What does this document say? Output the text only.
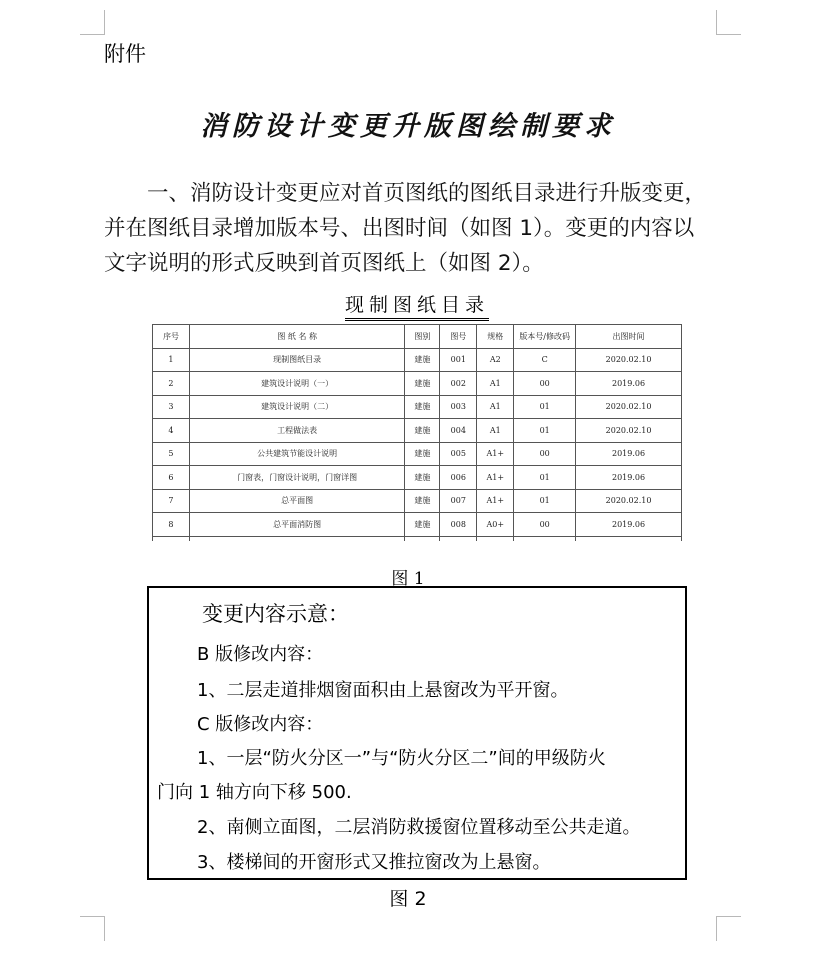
附件
消防设计变更升版图绘制要求
一、消防设计变更应对首页图纸的图纸目录进行升版变更，
并在图纸目录增加版本号、出图时间（如图 1）。变更的内容以
文字说明的形式反映到首页图纸上（如图 2）。
现制图纸目录
序号	图 纸 名 称	图别	图号	规格	版本号/修改码	出图时间
1	现制图纸目录	建施	001	A2	C	2020.02.10
2	建筑设计说明（一）	建施	002	A1	00	2019.06
3	建筑设计说明（二）	建施	003	A1	01	2020.02.10
4	工程做法表	建施	004	A1	01	2020.02.10
5	公共建筑节能设计说明	建施	005	A1+	00	2019.06
6	门窗表，门窗设计说明，门窗详图	建施	006	A1+	01	2019.06
7	总平面图	建施	007	A1+	01	2020.02.10
8	总平面消防图	建施	008	A0+	00	2019.06

图 1
变更内容示意：
B 版修改内容：
1、二层走道排烟窗面积由上悬窗改为平开窗。
C 版修改内容：
1、一层“防火分区一”与“防火分区二”间的甲级防火
门向 1 轴方向下移 500.
2、南侧立面图，二层消防救援窗位置移动至公共走道。
3、楼梯间的开窗形式又推拉窗改为上悬窗。
图 2
